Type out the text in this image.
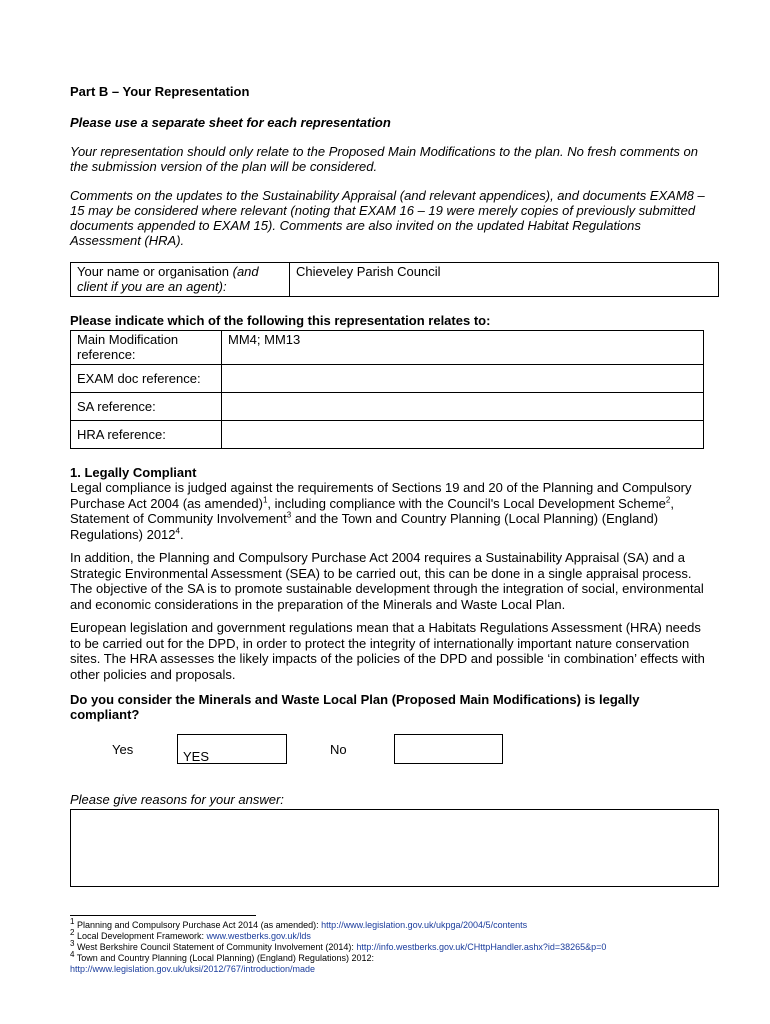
Part B – Your Representation

Please use a separate sheet for each representation

Your representation should only relate to the Proposed Main Modifications to the plan. No fresh comments on the submission version of the plan will be considered.

Comments on the updates to the Sustainability Appraisal (and relevant appendices), and documents EXAM8 – 15 may be considered where relevant (noting that EXAM 16 – 19 were merely copies of previously submitted documents appended to EXAM 15). Comments are also invited on the updated Habitat Regulations Assessment (HRA).

Your name or organisation (and client if you are an agent):	Chieveley Parish Council

Please indicate which of the following this representation relates to:

Main Modification reference:	MM4; MM13
EXAM doc reference:	
SA reference:	
HRA reference:	

1. Legally Compliant

Legal compliance is judged against the requirements of Sections 19 and 20 of the Planning and Compulsory Purchase Act 2004 (as amended)$^1$, including compliance with the Council's Local Development Scheme$^2$, Statement of Community Involvement$^3$ and the Town and Country Planning (Local Planning) (England) Regulations) 2012$^4$.

In addition, the Planning and Compulsory Purchase Act 2004 requires a Sustainability Appraisal (SA) and a Strategic Environmental Assessment (SEA) to be carried out, this can be done in a single appraisal process. The objective of the SA is to promote sustainable development through the integration of social, environmental and economic considerations in the preparation of the Minerals and Waste Local Plan.

European legislation and government regulations mean that a Habitats Regulations Assessment (HRA) needs to be carried out for the DPD, in order to protect the integrity of internationally important nature conservation sites. The HRA assesses the likely impacts of the policies of the DPD and possible ‘in combination’ effects with other policies and proposals.

Do you consider the Minerals and Waste Local Plan (Proposed Main Modifications) is legally compliant?

Yes	YES	No

Please give reasons for your answer:

$^1$ Planning and Compulsory Purchase Act 2014 (as amended): http://www.legislation.gov.uk/ukpga/2004/5/contents
$^2$ Local Development Framework: www.westberks.gov.uk/lds
$^3$ West Berkshire Council Statement of Community Involvement (2014): http://info.westberks.gov.uk/CHttpHandler.ashx?id=38265&p=0
$^4$ Town and Country Planning (Local Planning) (England) Regulations) 2012:
http://www.legislation.gov.uk/uksi/2012/767/introduction/made
